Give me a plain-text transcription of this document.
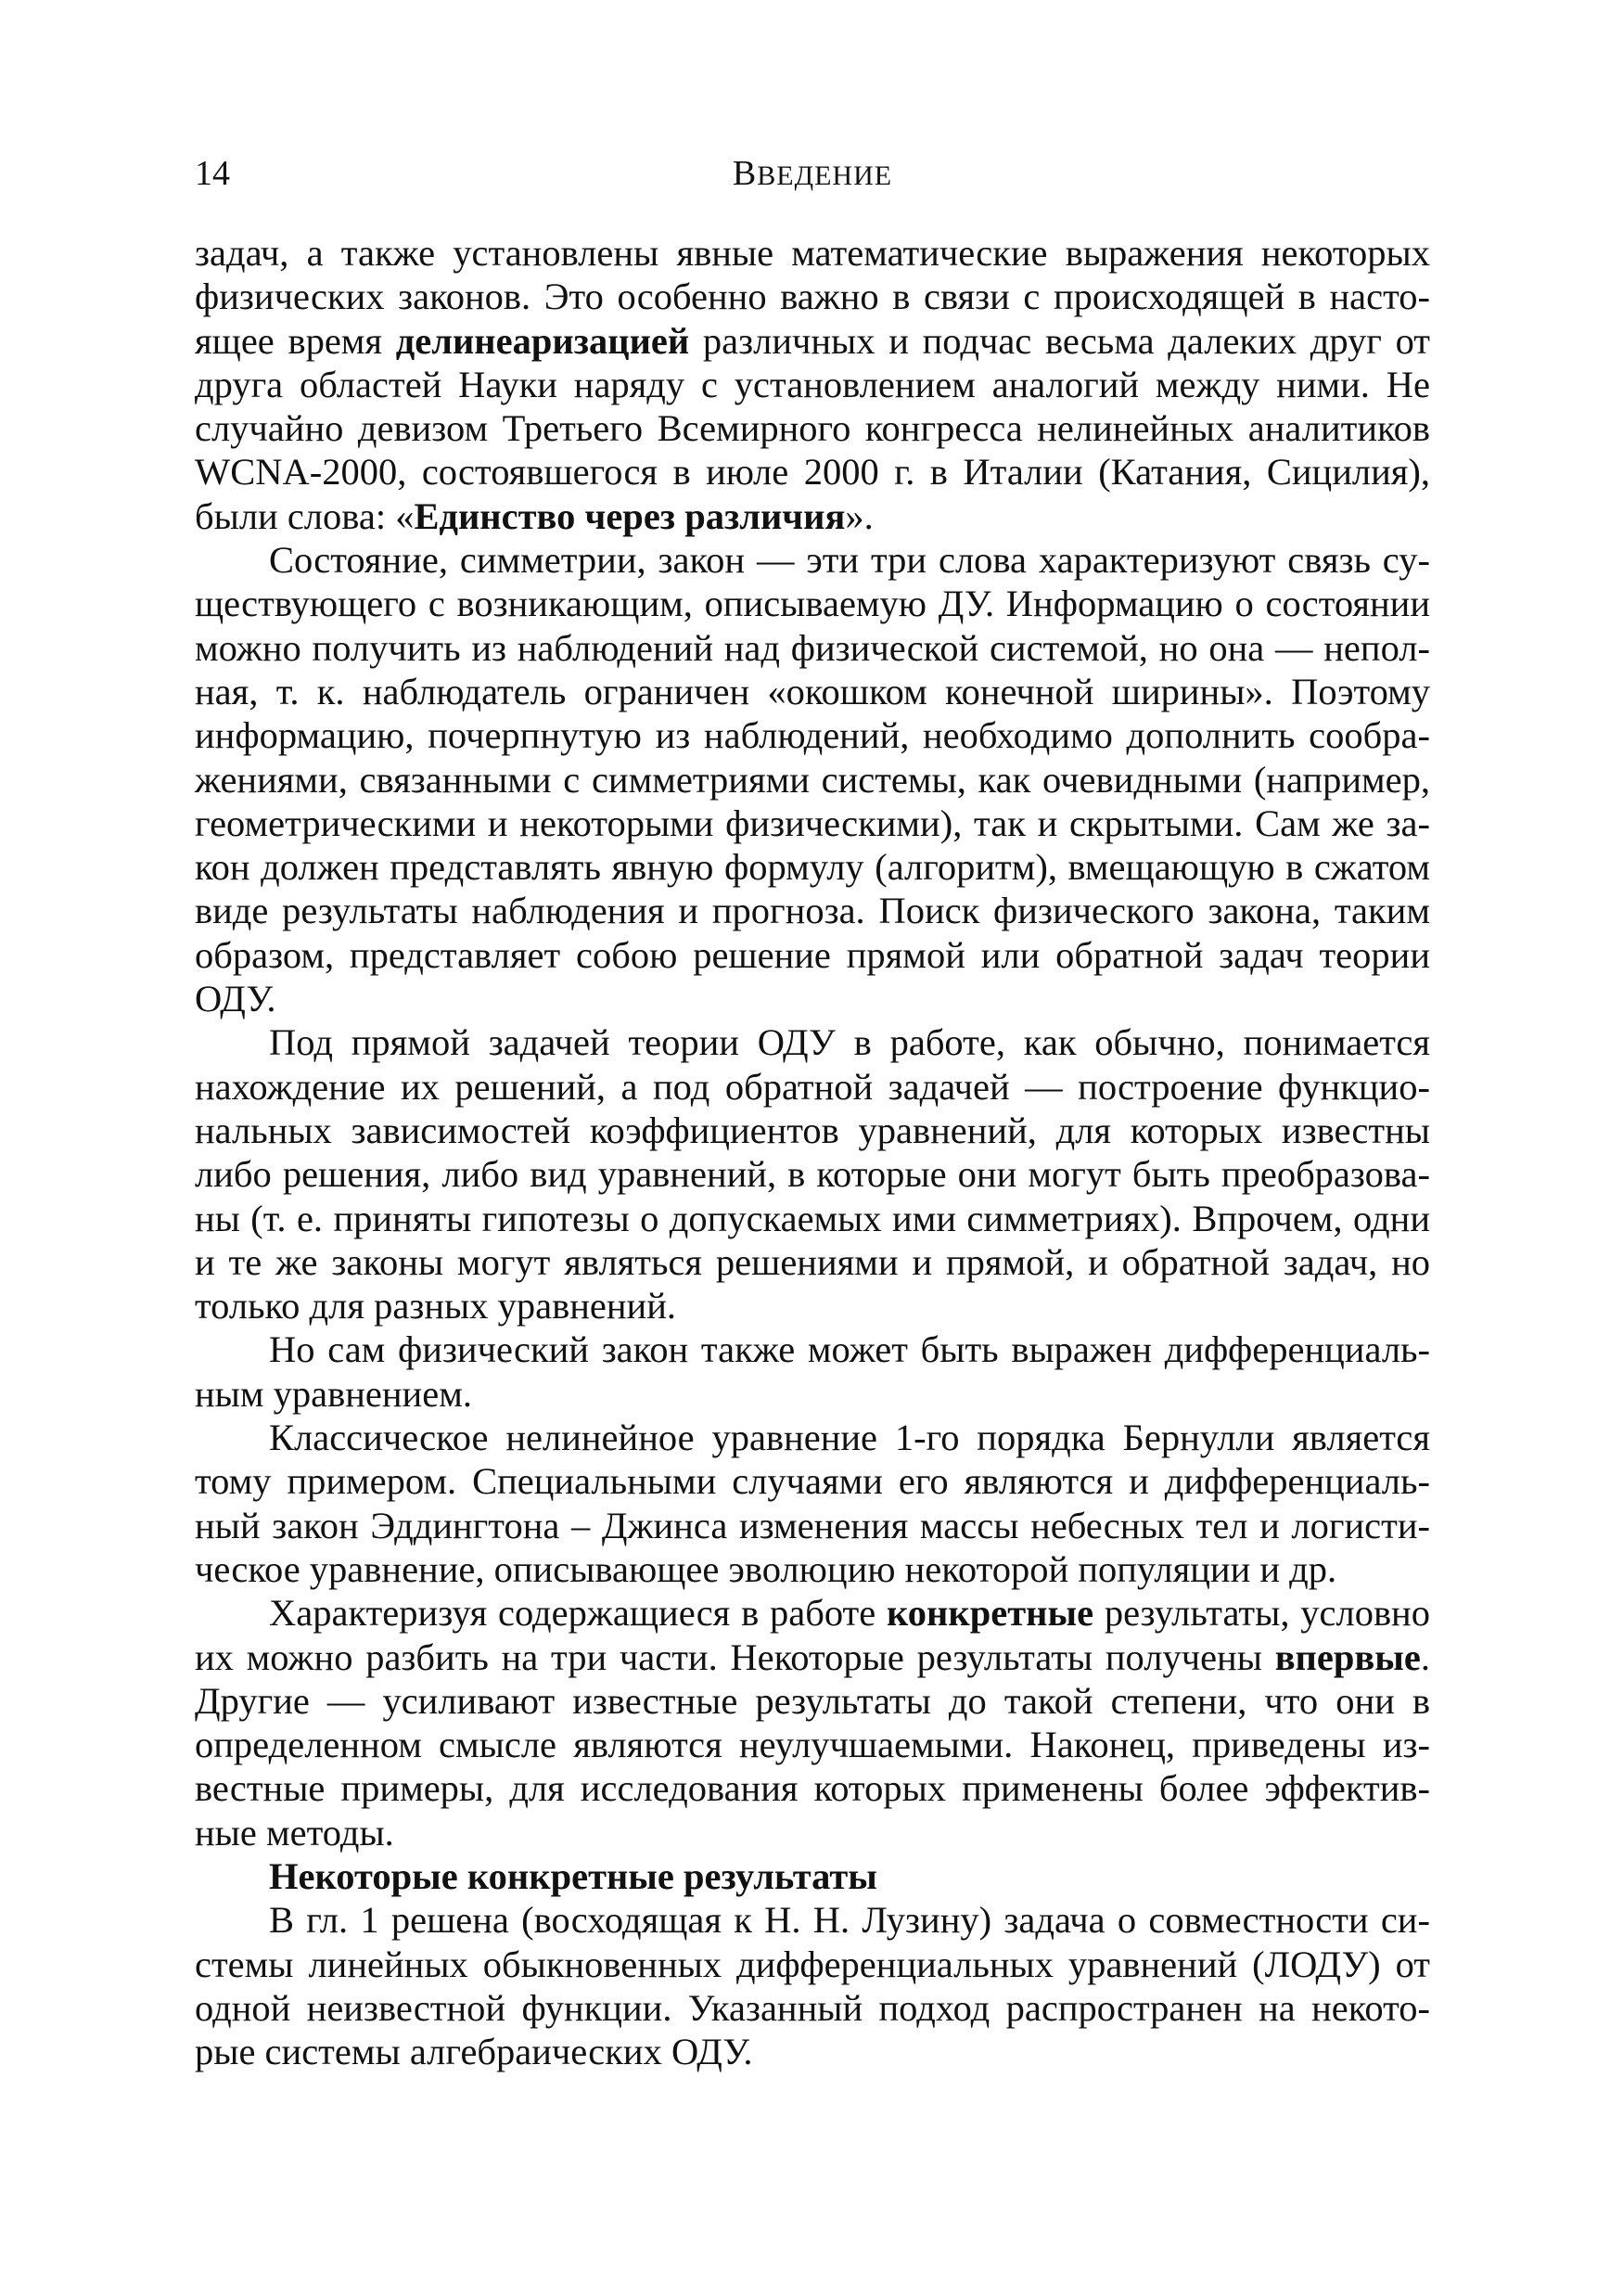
14	ВВЕДЕНИЕ

задач, а также установлены явные математические выражения некоторых физических законов. Это особенно важно в связи с происходящей в настоящее время делинеаризацией различных и подчас весьма далеких друг от друга областей Науки наряду с установлением аналогий между ними. Не случайно девизом Третьего Всемирного конгресса нелинейных аналитиков WCNA-2000, состоявшегося в июле 2000 г. в Италии (Катания, Сицилия), были слова: «Единство через различия».

Состояние, симметрии, закон — эти три слова характеризуют связь существующего с возникающим, описываемую ДУ. Информацию о состоянии можно получить из наблюдений над физической системой, но она — неполная, т. к. наблюдатель ограничен «окошком конечной ширины». Поэтому информацию, почерпнутую из наблюдений, необходимо дополнить соображениями, связанными с симметриями системы, как очевидными (например, геометрическими и некоторыми физическими), так и скрытыми. Сам же закон должен представлять явную формулу (алгоритм), вмещающую в сжатом виде результаты наблюдения и прогноза. Поиск физического закона, таким образом, представляет собою решение прямой или обратной задач теории ОДУ.

Под прямой задачей теории ОДУ в работе, как обычно, понимается нахождение их решений, а под обратной задачей — построение функциональных зависимостей коэффициентов уравнений, для которых известны либо решения, либо вид уравнений, в которые они могут быть преобразованы (т. е. приняты гипотезы о допускаемых ими симметриях). Впрочем, одни и те же законы могут являться решениями и прямой, и обратной задач, но только для разных уравнений.

Но сам физический закон также может быть выражен дифференциальным уравнением.

Классическое нелинейное уравнение 1-го порядка Бернулли является тому примером. Специальными случаями его являются и дифференциальный закон Эддингтона – Джинса изменения массы небесных тел и логистическое уравнение, описывающее эволюцию некоторой популяции и др.

Характеризуя содержащиеся в работе конкретные результаты, условно их можно разбить на три части. Некоторые результаты получены впервые. Другие — усиливают известные результаты до такой степени, что они в определенном смысле являются неулучшаемыми. Наконец, приведены известные примеры, для исследования которых применены более эффективные методы.

Некоторые конкретные результаты

В гл. 1 решена (восходящая к Н. Н. Лузину) задача о совместности системы линейных обыкновенных дифференциальных уравнений (ЛОДУ) от одной неизвестной функции. Указанный подход распространен на некоторые системы алгебраических ОДУ.
